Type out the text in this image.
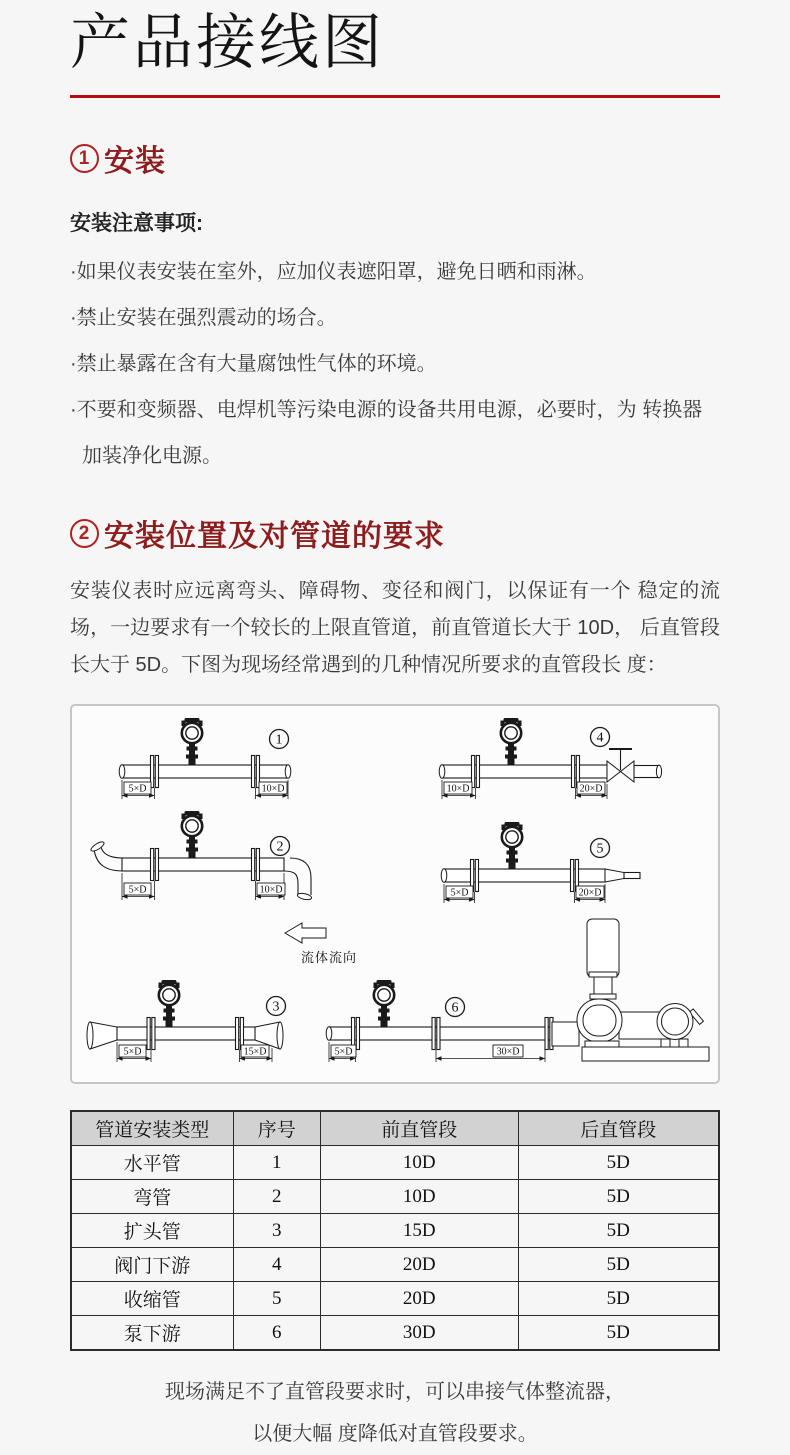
产品接线图
1 安装
安装注意事项:
·如果仪表安装在室外，应加仪表遮阳罩，避免日晒和雨淋。
·禁止安装在强烈震动的场合。
·禁止暴露在含有大量腐蚀性气体的环境。
·不要和变频器、电焊机等污染电源的设备共用电源，必要时，为 转换器加装净化电源。
2 安装位置及对管道的要求
安装仪表时应远离弯头、障碍物、变径和阀门，以保证有一个 稳定的流场，一边要求有一个较长的上限直管道，前直管道长大于 10D， 后直管段长大于 5D。下图为现场经常遇到的几种情况所要求的直管段长 度：
1
5×D	10×D
4
10×D	20×D
2
5×D	10×D
5
5×D	20×D
流体流向
3
5×D	15×D
6
5×D	30×D
管道安装类型	序号	前直管段	后直管段
水平管	1	10D	5D
弯管	2	10D	5D
扩头管	3	15D	5D
阀门下游	4	20D	5D
收缩管	5	20D	5D
泵下游	6	30D	5D
现场满足不了直管段要求时，可以串接气体整流器，
以便大幅 度降低对直管段要求。
